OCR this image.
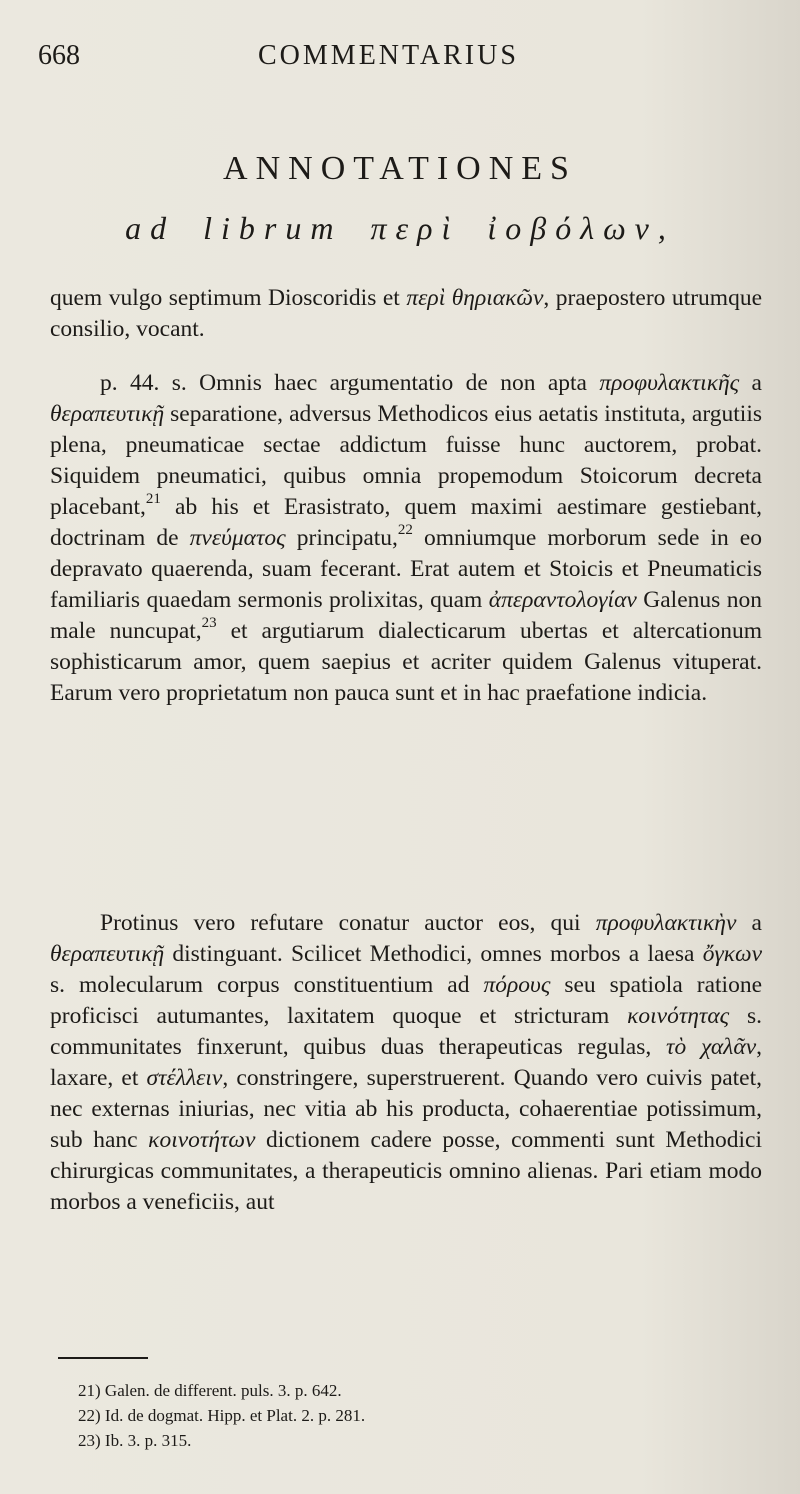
668	COMMENTARIUS
ANNOTATIONES
ad librum περὶ ἰοβόλων,
quem vulgo septimum Dioscoridis et περὶ θηριακῶν, praepostero utrumque consilio, vocant.
p. 44. s. Omnis haec argumentatio de non apta προφυλακτικῆς a θεραπευτικῇ separatione, adversus Methodicos eius aetatis instituta, argutiis plena, pneumaticae sectae addictum fuisse hunc auctorem, probat. Siquidem pneumatici, quibus omnia propemodum Stoicorum decreta placebant,$^{21}$ ab his et Erasistrato, quem maximi aestimare gestiebant, doctrinam de πνεύματος principatu,$^{22}$ omniumque morborum sede in eo depravato quaerenda, suam fecerant. Erat autem et Stoicis et Pneumaticis familiaris quaedam sermonis prolixitas, quam ἀπεραντολογίαν Galenus non male nuncupat,$^{23}$ et argutiarum dialecticarum ubertas et altercationum sophisticarum amor, quem saepius et acriter quidem Galenus vituperat. Earum vero proprietatum non pauca sunt et in hac praefatione indicia.
Protinus vero refutare conatur auctor eos, qui προφυλακτικὴν a θεραπευτικῇ distinguant. Scilicet Methodici, omnes morbos a laesa ὄγκων s. molecularum corpus constituentium ad πόρους seu spatiola ratione proficisci autumantes, laxitatem quoque et stricturam κοινότητας s. communitates finxerunt, quibus duas therapeuticas regulas, τὸ χαλᾶν, laxare, et στέλλειν, constringere, superstruerent. Quando vero cuivis patet, nec externas iniurias, nec vitia ab his producta, cohaerentiae potissimum, sub hanc κοινοτήτων dictionem cadere posse, commenti sunt Methodici chirurgicas communitates, a therapeuticis omnino alienas. Pari etiam modo morbos a veneficiis, aut
21) Galen. de different. puls. 3. p. 642.
22) Id. de dogmat. Hipp. et Plat. 2. p. 281.
23) Ib. 3. p. 315.
